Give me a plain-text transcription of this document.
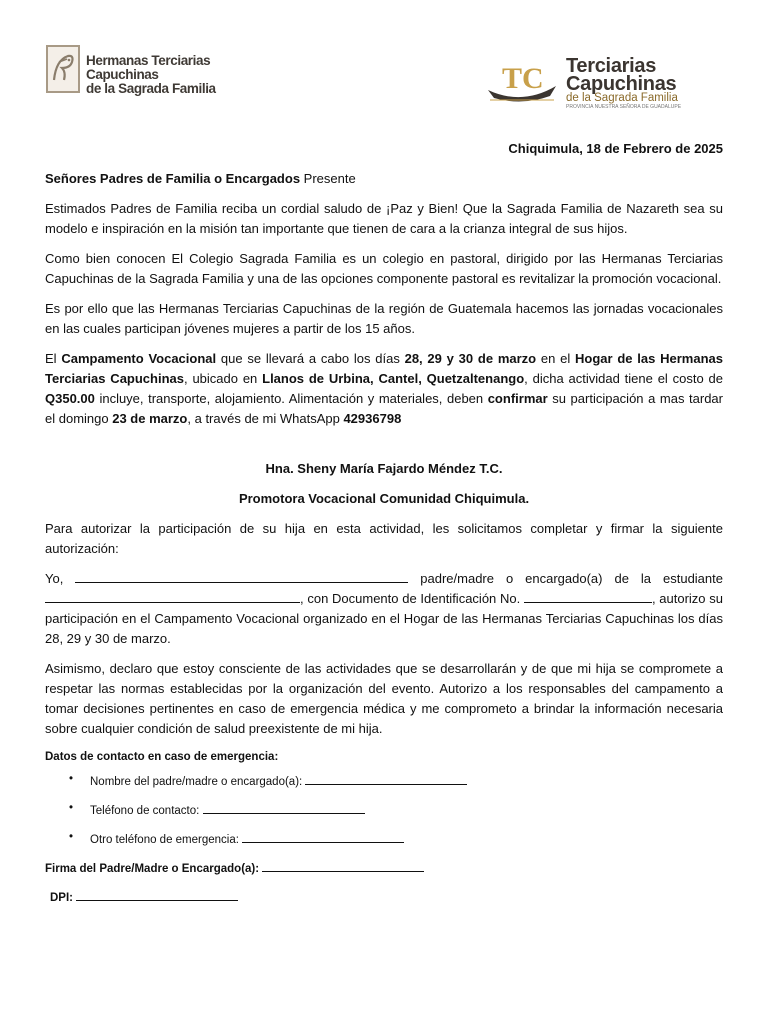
Hermanas Terciarias Capuchinas
de la Sagrada Familia	TC Terciarias
Capuchinas
de la Sagrada Familia
PROVINCIA NUESTRA SEÑORA DE GUADALUPE
Chiquimula, 18 de Febrero de 2025

Señores Padres de Familia o Encargados Presente

Estimados Padres de Familia reciba un cordial saludo de ¡Paz y Bien! Que la Sagrada Familia de Nazareth sea su modelo e inspiración en la misión tan importante que tienen de cara a la crianza integral de sus hijos.

Como bien conocen El Colegio Sagrada Familia es un colegio en pastoral, dirigido por las Hermanas Terciarias Capuchinas de la Sagrada Familia y una de las opciones componente pastoral es revitalizar la promoción vocacional.

Es por ello que las Hermanas Terciarias Capuchinas de la región de Guatemala hacemos las jornadas vocacionales en las cuales participan jóvenes mujeres a partir de los 15 años.

El Campamento Vocacional que se llevará a cabo los días 28, 29 y 30 de marzo en el Hogar de las Hermanas Terciarias Capuchinas, ubicado en Llanos de Urbina, Cantel, Quetzaltenango, dicha actividad tiene el costo de Q350.00 incluye, transporte, alojamiento. Alimentación y materiales, deben confirmar su participación a mas tardar el domingo 23 de marzo, a través de mi WhatsApp 42936798

Hna. Sheny María Fajardo Méndez T.C.
Promotora Vocacional Comunidad Chiquimula.

Para autorizar la participación de su hija en esta actividad, les solicitamos completar y firmar la siguiente autorización:

Yo,	padre/madre o encargado(a) de la estudiante , con Documento de Identificación No.	, autorizo su participación en el Campamento Vocacional organizado en el Hogar de las Hermanas Terciarias Capuchinas los días 28, 29 y 30 de marzo.

Asimismo, declaro que estoy consciente de las actividades que se desarrollarán y de que mi hija se compromete a respetar las normas establecidas por la organización del evento. Autorizo a los responsables del campamento a tomar decisiones pertinentes en caso de emergencia médica y me comprometo a brindar la información necesaria sobre cualquier condición de salud preexistente de mi hija.

Datos de contacto en caso de emergencia:
• Nombre del padre/madre o encargado(a):
• Teléfono de contacto:
• Otro teléfono de emergencia:
Firma del Padre/Madre o Encargado(a):
DPI:
